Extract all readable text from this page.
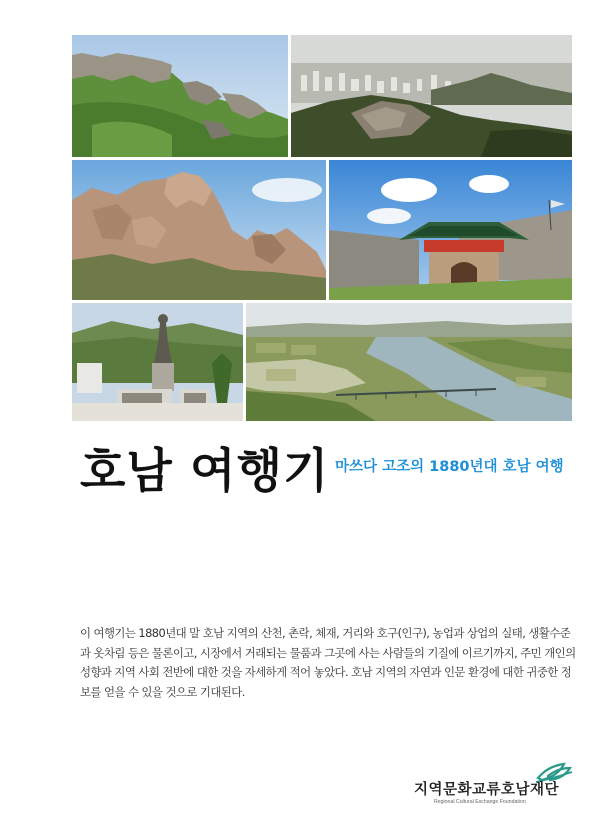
호남 여행기 마쓰다 고조의 1880년대 호남 여행
이 여행기는 1880년대 말 호남 지역의 산천, 촌락, 체재, 거리와 호구(인구), 농업과 상업의 실태, 생활수준과 옷차림 등은 물론이고, 시장에서 거래되는 물품과 그곳에 사는 사람들의 기질에 이르기까지, 주민 개인의 성향과 지역 사회 전반에 대한 것을 자세하게 적어 놓았다. 호남 지역의 자연과 인문 환경에 대한 귀중한 정보를 얻을 수 있을 것으로 기대된다.
지역문화교류호남재단
Regional Cultural Exchange Foundation
